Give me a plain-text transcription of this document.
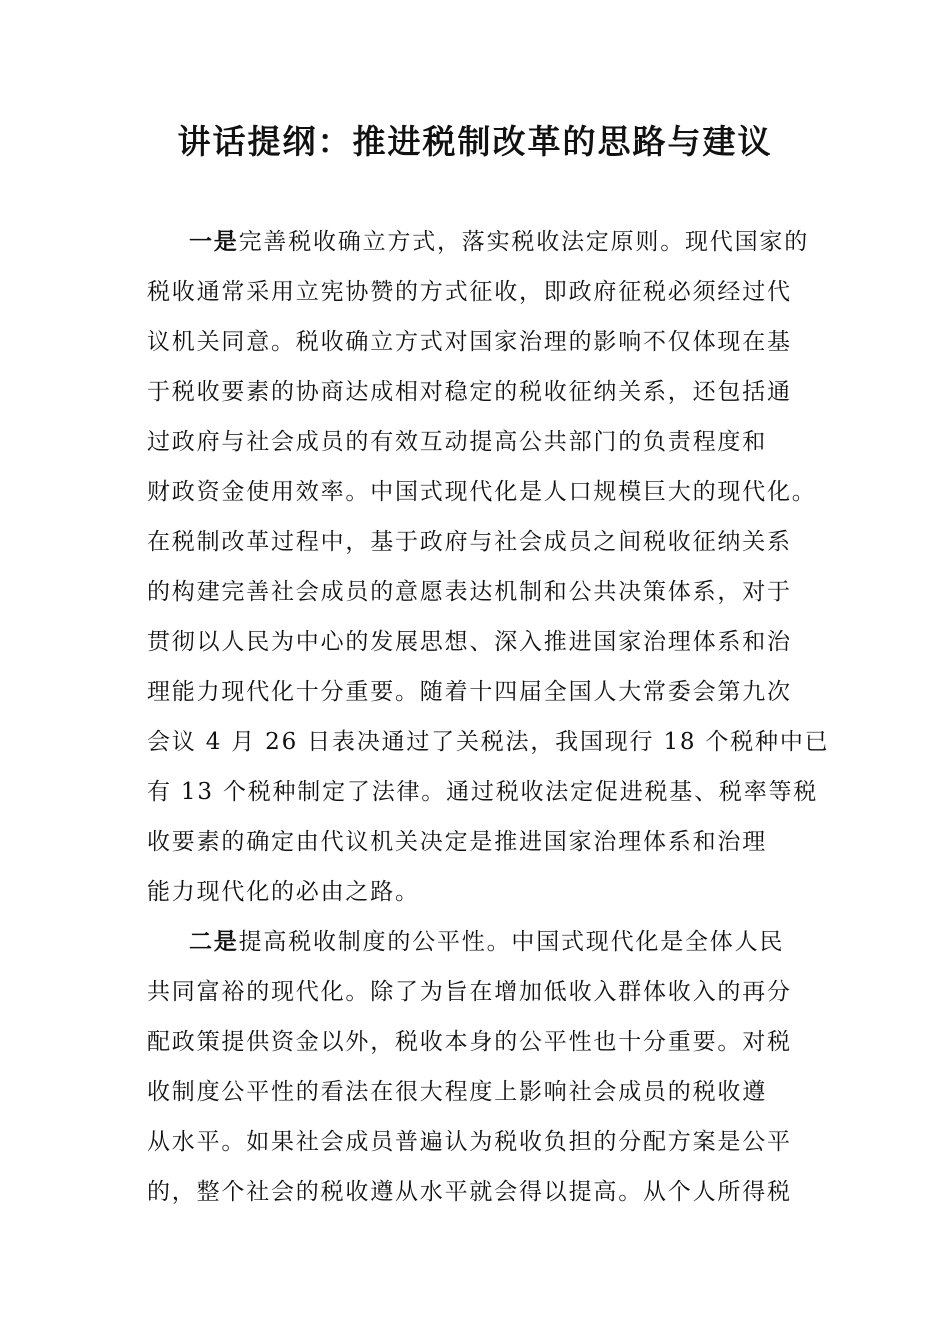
讲话提纲：推进税制改革的思路与建议
一是完善税收确立方式，落实税收法定原则。现代国家的
税收通常采用立宪协赞的方式征收，即政府征税必须经过代
议机关同意。税收确立方式对国家治理的影响不仅体现在基
于税收要素的协商达成相对稳定的税收征纳关系，还包括通
过政府与社会成员的有效互动提高公共部门的负责程度和
财政资金使用效率。中国式现代化是人口规模巨大的现代化。
在税制改革过程中，基于政府与社会成员之间税收征纳关系
的构建完善社会成员的意愿表达机制和公共决策体系，对于
贯彻以人民为中心的发展思想、深入推进国家治理体系和治
理能力现代化十分重要。随着十四届全国人大常委会第九次
会议 4 月 26 日表决通过了关税法，我国现行 18 个税种中已
有 13 个税种制定了法律。通过税收法定促进税基、税率等税
收要素的确定由代议机关决定是推进国家治理体系和治理
能力现代化的必由之路。
二是提高税收制度的公平性。中国式现代化是全体人民
共同富裕的现代化。除了为旨在增加低收入群体收入的再分
配政策提供资金以外，税收本身的公平性也十分重要。对税
收制度公平性的看法在很大程度上影响社会成员的税收遵
从水平。如果社会成员普遍认为税收负担的分配方案是公平
的，整个社会的税收遵从水平就会得以提高。从个人所得税
